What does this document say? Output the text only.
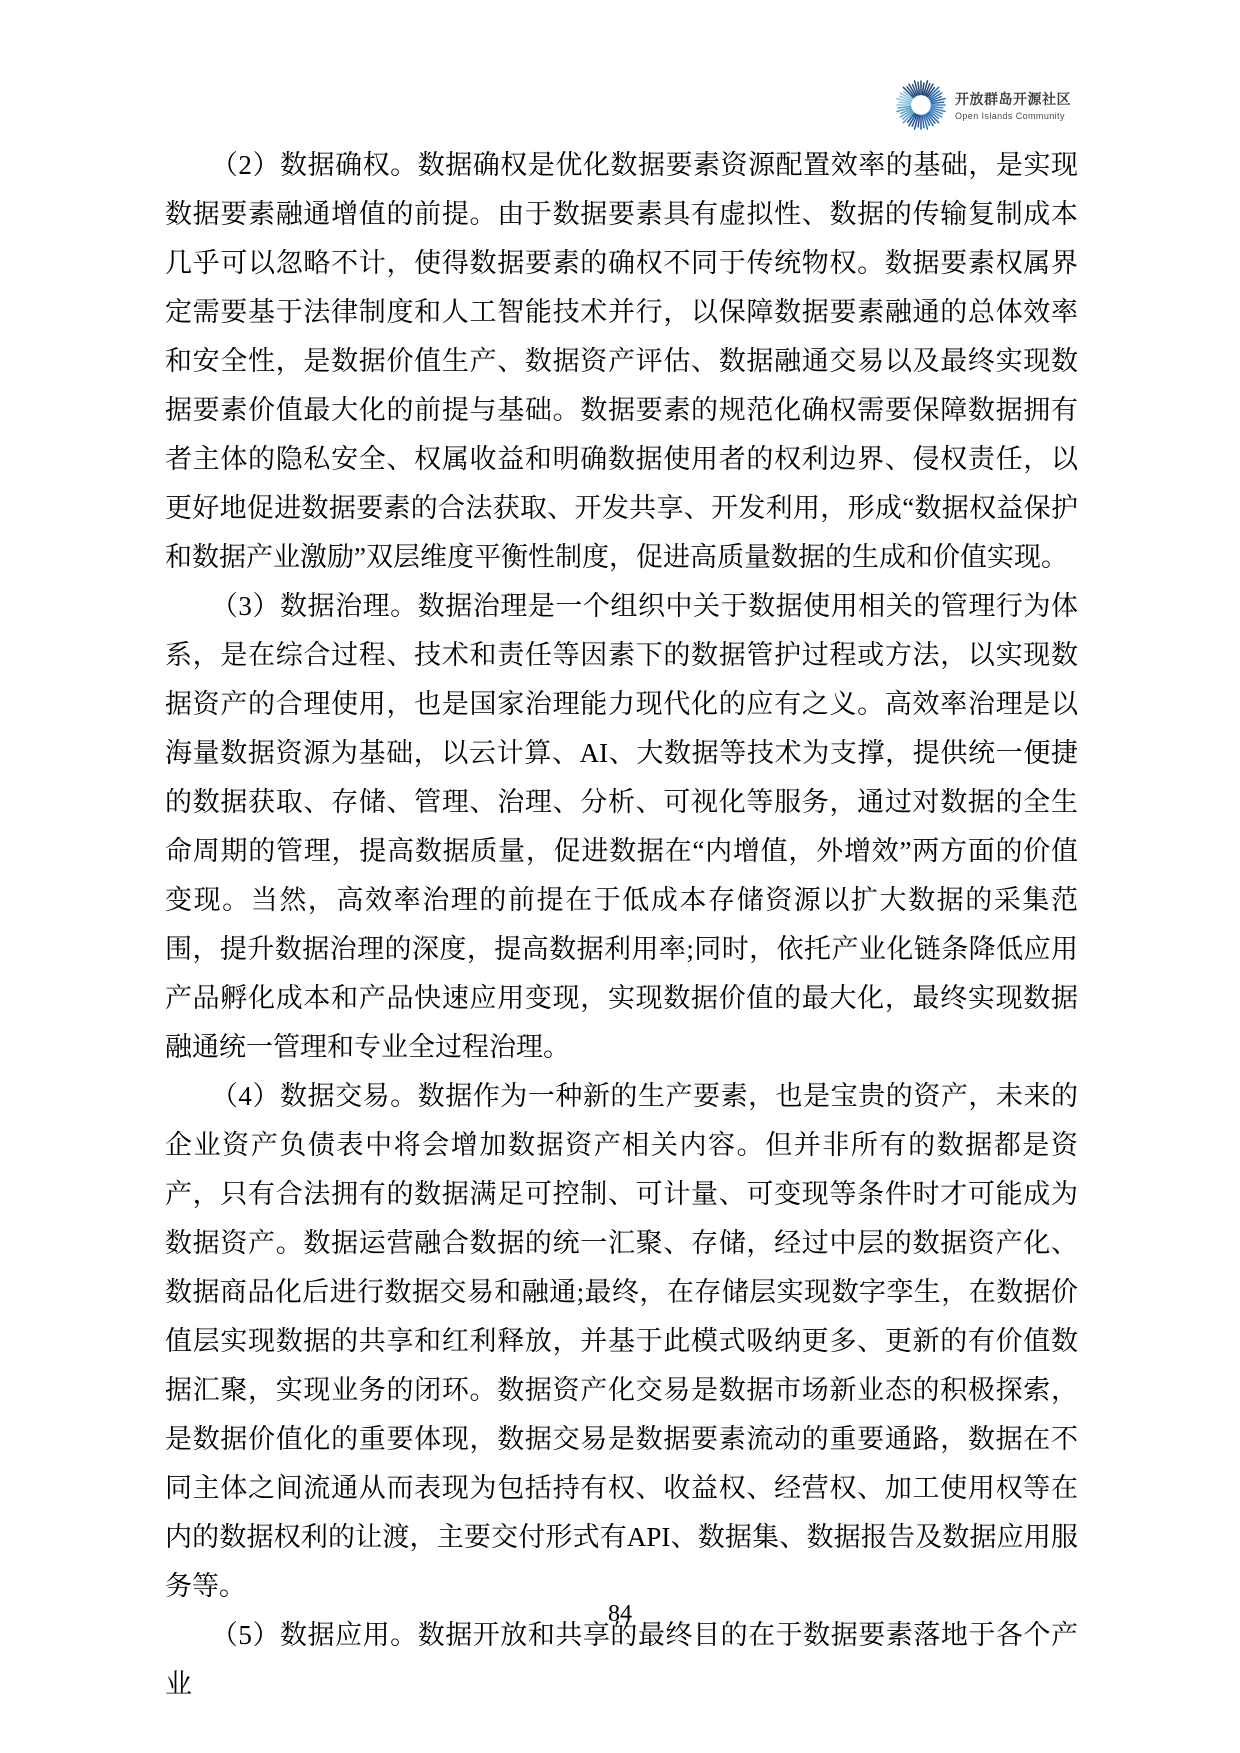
开放群岛开源社区
Open Islands Community

（2）数据确权。数据确权是优化数据要素资源配置效率的基础，是实现数据要素融通增值的前提。由于数据要素具有虚拟性、数据的传输复制成本几乎可以忽略不计，使得数据要素的确权不同于传统物权。数据要素权属界定需要基于法律制度和人工智能技术并行，以保障数据要素融通的总体效率和安全性，是数据价值生产、数据资产评估、数据融通交易以及最终实现数据要素价值最大化的前提与基础。数据要素的规范化确权需要保障数据拥有者主体的隐私安全、权属收益和明确数据使用者的权利边界、侵权责任，以更好地促进数据要素的合法获取、开发共享、开发利用，形成“数据权益保护和数据产业激励”双层维度平衡性制度，促进高质量数据的生成和价值实现。

（3）数据治理。数据治理是一个组织中关于数据使用相关的管理行为体系，是在综合过程、技术和责任等因素下的数据管护过程或方法，以实现数据资产的合理使用，也是国家治理能力现代化的应有之义。高效率治理是以海量数据资源为基础，以云计算、AI、大数据等技术为支撑，提供统一便捷的数据获取、存储、管理、治理、分析、可视化等服务，通过对数据的全生命周期的管理，提高数据质量，促进数据在“内增值，外增效”两方面的价值变现。当然，高效率治理的前提在于低成本存储资源以扩大数据的采集范围，提升数据治理的深度，提高数据利用率;同时，依托产业化链条降低应用产品孵化成本和产品快速应用变现，实现数据价值的最大化，最终实现数据融通统一管理和专业全过程治理。

（4）数据交易。数据作为一种新的生产要素，也是宝贵的资产，未来的企业资产负债表中将会增加数据资产相关内容。但并非所有的数据都是资产，只有合法拥有的数据满足可控制、可计量、可变现等条件时才可能成为数据资产。数据运营融合数据的统一汇聚、存储，经过中层的数据资产化、数据商品化后进行数据交易和融通;最终，在存储层实现数字孪生，在数据价值层实现数据的共享和红利释放，并基于此模式吸纳更多、更新的有价值数据汇聚，实现业务的闭环。数据资产化交易是数据市场新业态的积极探索，是数据价值化的重要体现，数据交易是数据要素流动的重要通路，数据在不同主体之间流通从而表现为包括持有权、收益权、经营权、加工使用权等在内的数据权利的让渡，主要交付形式有API、数据集、数据报告及数据应用服务等。

（5）数据应用。数据开放和共享的最终目的在于数据要素落地于各个产业

84
